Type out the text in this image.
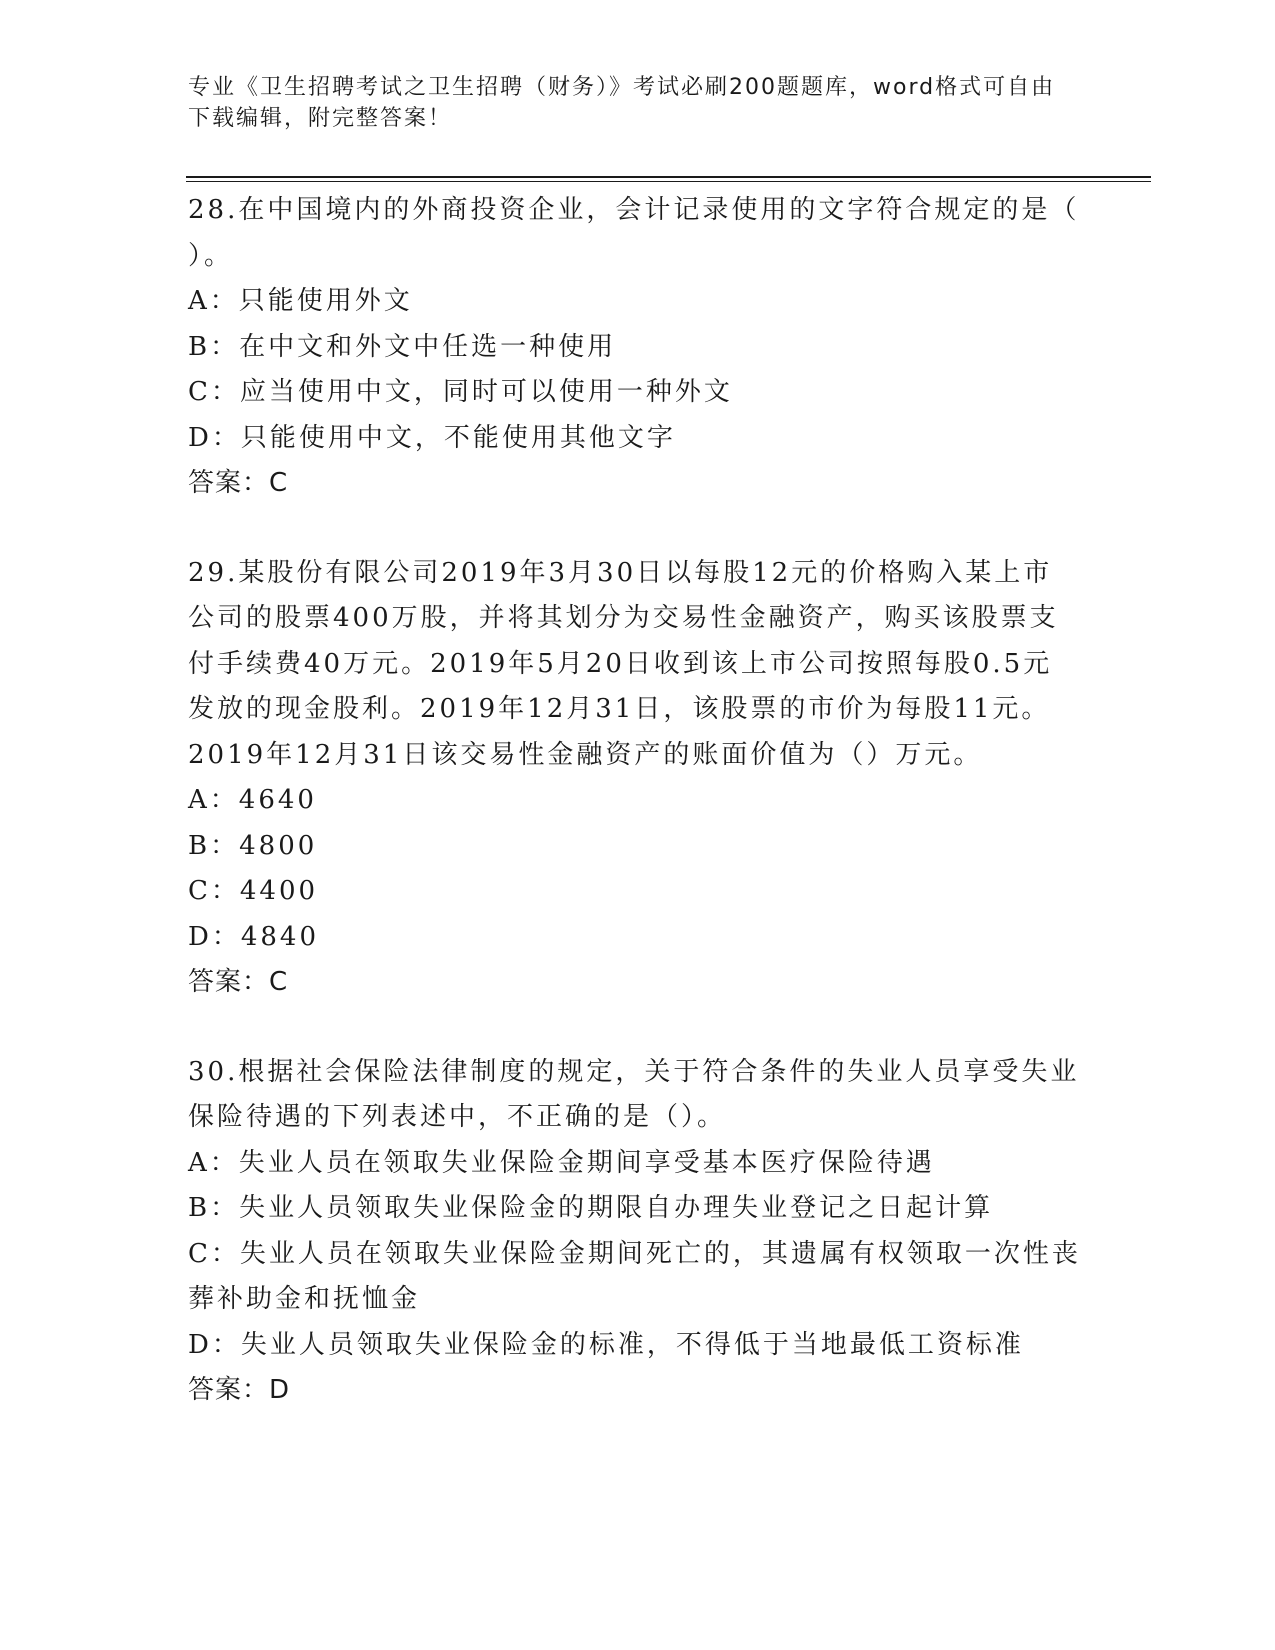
专业《卫生招聘考试之卫生招聘（财务）》考试必刷200题题库，word格式可自由下载编辑，附完整答案！

28.在中国境内的外商投资企业，会计记录使用的文字符合规定的是（

）。

A：只能使用外文

B：在中文和外文中任选一种使用

C：应当使用中文，同时可以使用一种外文

D：只能使用中文，不能使用其他文字

答案：C

29.某股份有限公司2019年3月30日以每股12元的价格购入某上市

公司的股票400万股，并将其划分为交易性金融资产，购买该股票支

付手续费40万元。2019年5月20日收到该上市公司按照每股0.5元

发放的现金股利。2019年12月31日，该股票的市价为每股11元。

2019年12月31日该交易性金融资产的账面价值为（）万元。

A：4640

B：4800

C：4400

D：4840

答案：C

30.根据社会保险法律制度的规定，关于符合条件的失业人员享受失业

保险待遇的下列表述中，不正确的是（）。

A：失业人员在领取失业保险金期间享受基本医疗保险待遇

B：失业人员领取失业保险金的期限自办理失业登记之日起计算

C：失业人员在领取失业保险金期间死亡的，其遗属有权领取一次性丧葬补助金和抚恤金

D：失业人员领取失业保险金的标准，不得低于当地最低工资标准

答案：D
